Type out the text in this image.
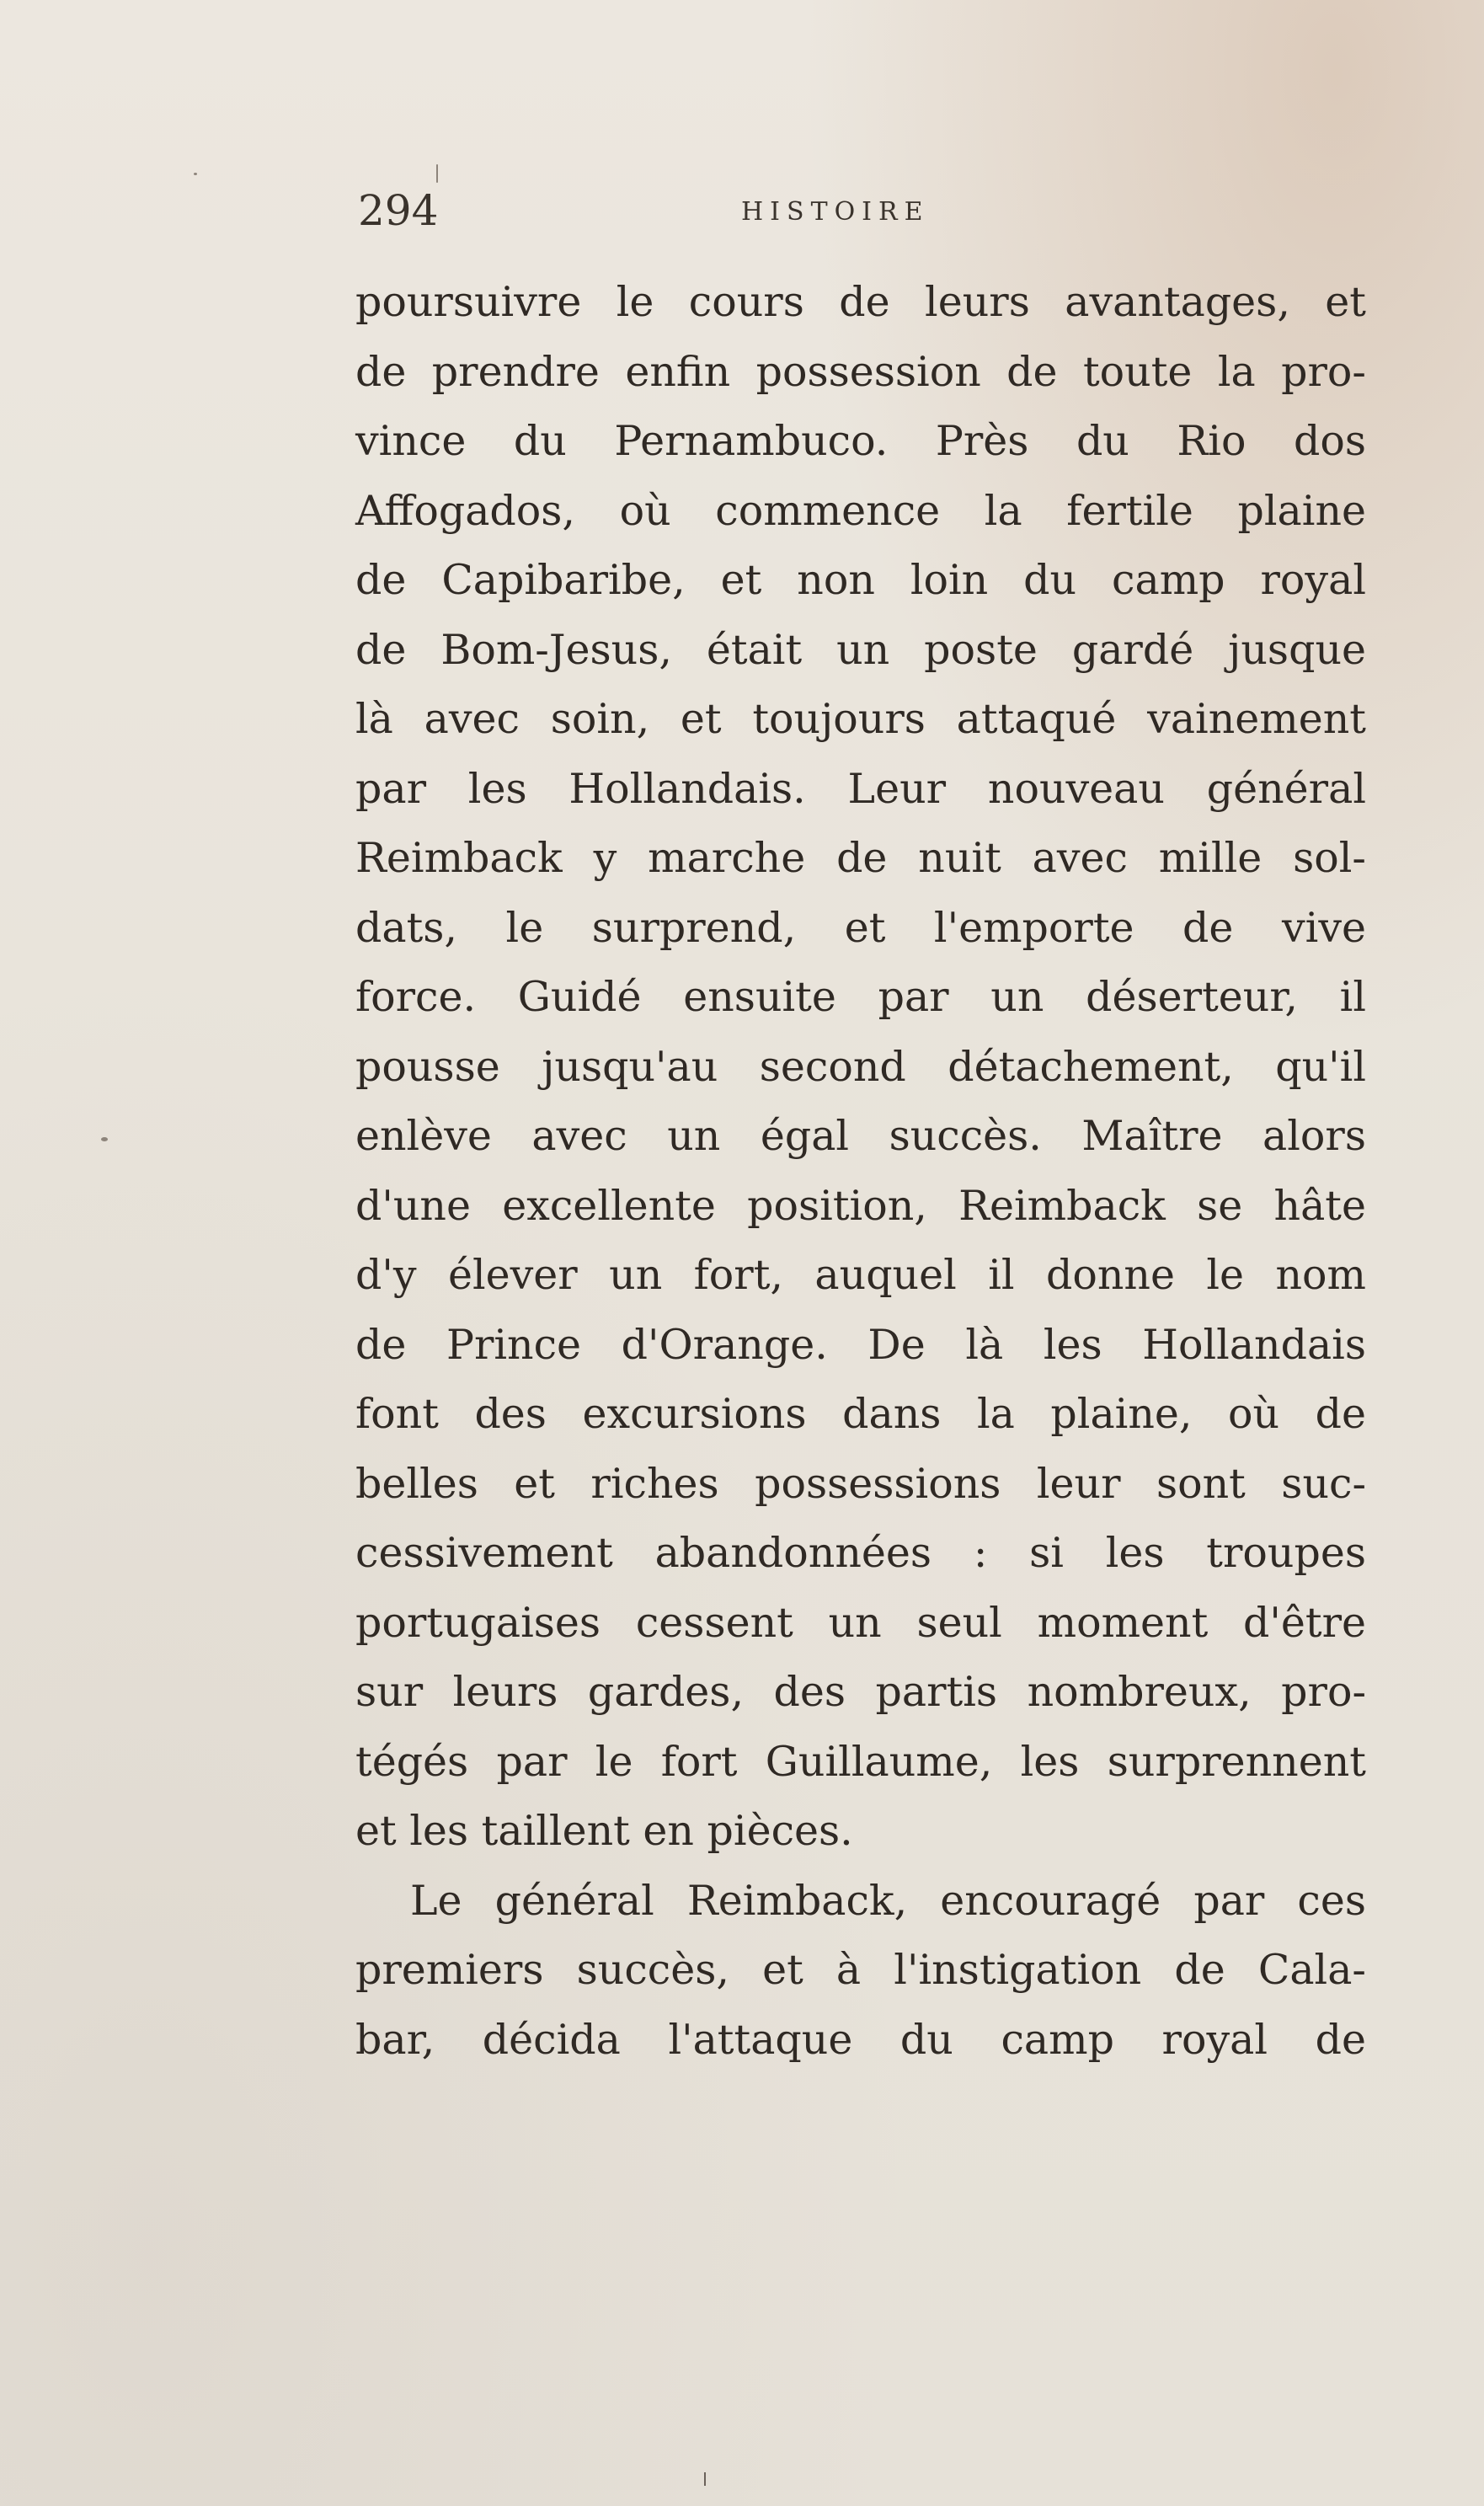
294	HISTOIRE
poursuivre le cours de leurs avantages, et
de prendre enfin possession de toute la pro-
vince du Pernambuco. Près du Rio dos
Affogados, où commence la fertile plaine
de Capibaribe, et non loin du camp royal
de Bom-Jesus, était un poste gardé jusque
là avec soin, et toujours attaqué vainement
par les Hollandais. Leur nouveau général
Reimback y marche de nuit avec mille sol-
dats, le surprend, et l'emporte de vive
force. Guidé ensuite par un déserteur, il
pousse jusqu'au second détachement, qu'il
enlève avec un égal succès. Maître alors
d'une excellente position, Reimback se hâte
d'y élever un fort, auquel il donne le nom
de Prince d'Orange. De là les Hollandais
font des excursions dans la plaine, où de
belles et riches possessions leur sont suc-
cessivement abandonnées : si les troupes
portugaises cessent un seul moment d'être
sur leurs gardes, des partis nombreux, pro-
tégés par le fort Guillaume, les surprennent
et les taillent en pièces.
Le général Reimback, encouragé par ces
premiers succès, et à l'instigation de Cala-
bar, décida l'attaque du camp royal de
